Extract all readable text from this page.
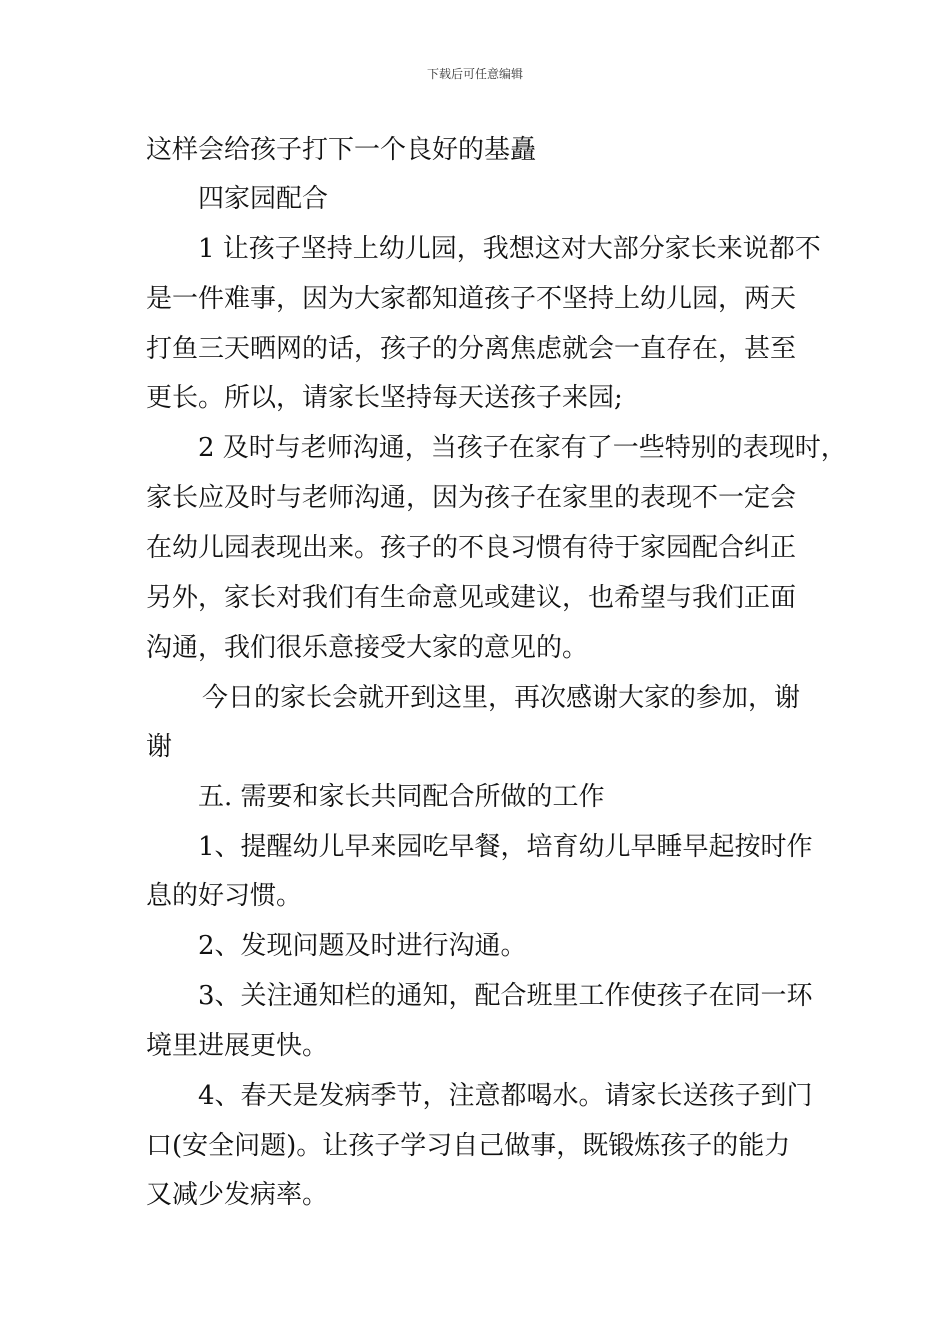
下载后可任意编辑
这样会给孩子打下一个良好的基矗
四家园配合
1 让孩子坚持上幼儿园，我想这对大部分家长来说都不
是一件难事，因为大家都知道孩子不坚持上幼儿园，两天
打鱼三天晒网的话，孩子的分离焦虑就会一直存在，甚至
更长。所以，请家长坚持每天送孩子来园;
2 及时与老师沟通，当孩子在家有了一些特别的表现时，
家长应及时与老师沟通，因为孩子在家里的表现不一定会
在幼儿园表现出来。孩子的不良习惯有待于家园配合纠正
另外，家长对我们有生命意见或建议，也希望与我们正面
沟通，我们很乐意接受大家的意见的。
今日的家长会就开到这里，再次感谢大家的参加，谢
谢
五. 需要和家长共同配合所做的工作
1、提醒幼儿早来园吃早餐，培育幼儿早睡早起按时作
息的好习惯。
2、发现问题及时进行沟通。
3、关注通知栏的通知，配合班里工作使孩子在同一环
境里进展更快。
4、春天是发病季节，注意都喝水。请家长送孩子到门
口(安全问题)。让孩子学习自己做事，既锻炼孩子的能力
又减少发病率。
